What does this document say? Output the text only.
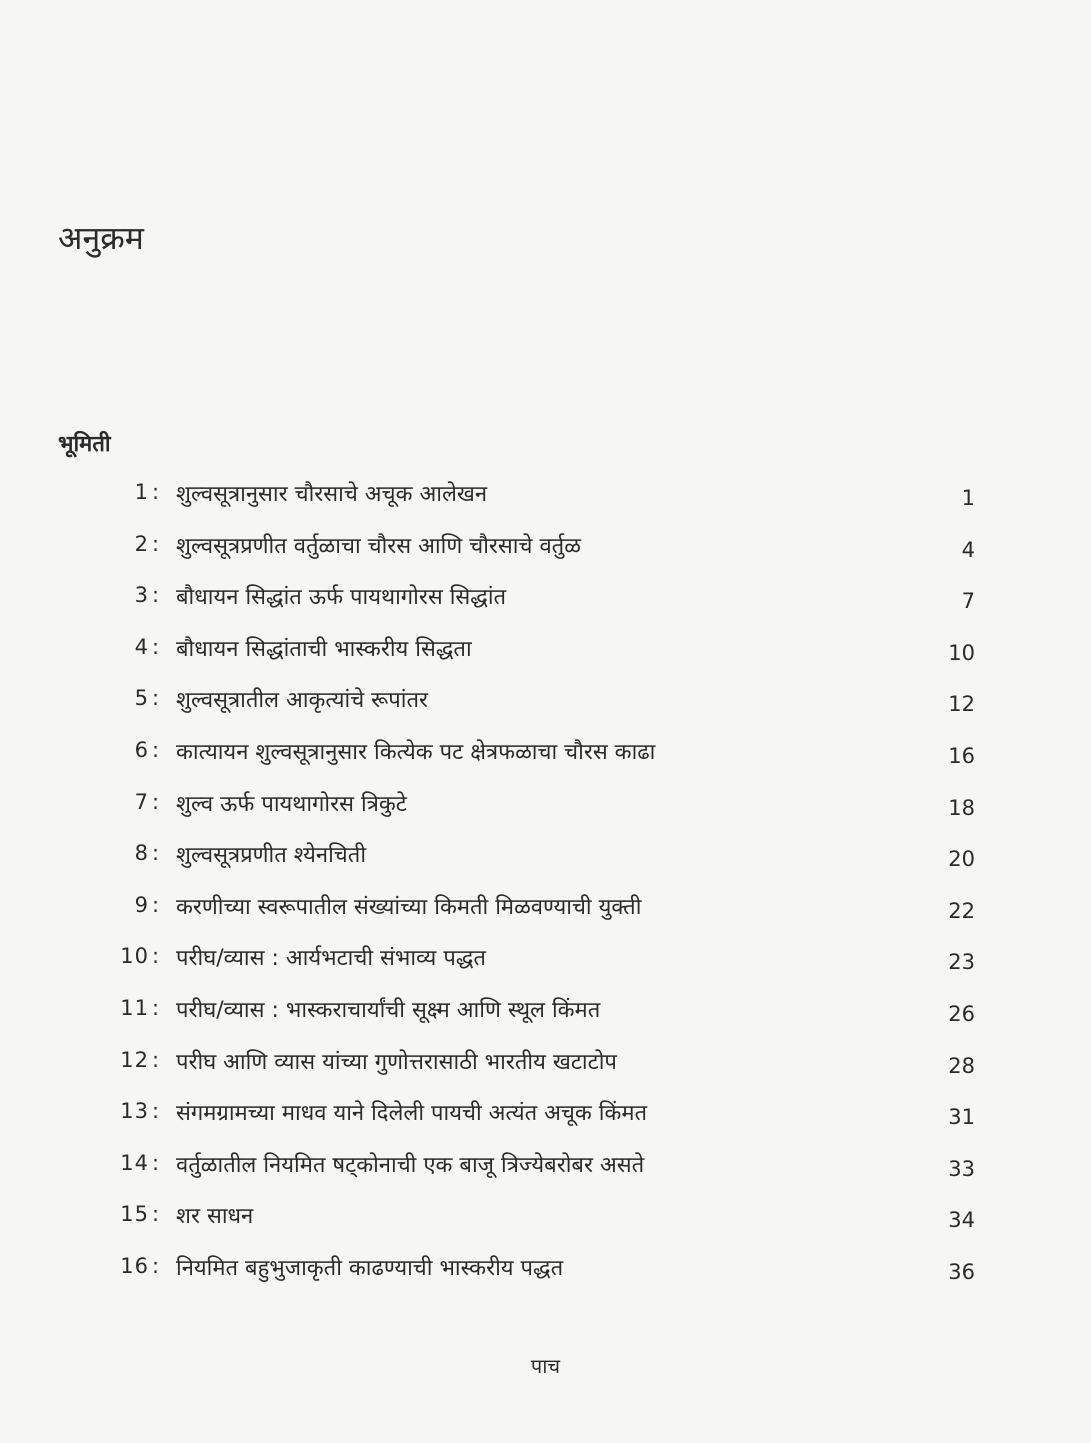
अनुक्रम
भूमिती
1 : शुल्वसूत्रानुसार चौरसाचे अचूक आलेखन	1
2 : शुल्वसूत्रप्रणीत वर्तुळाचा चौरस आणि चौरसाचे वर्तुळ	4
3 : बौधायन सिद्धांत ऊर्फ पायथागोरस सिद्धांत	7
4 : बौधायन सिद्धांताची भास्करीय सिद्धता	10
5 : शुल्वसूत्रातील आकृत्यांचे रूपांतर	12
6 : कात्यायन शुल्वसूत्रानुसार कित्येक पट क्षेत्रफळाचा चौरस काढा	16
7 : शुल्व ऊर्फ पायथागोरस त्रिकुटे	18
8 : शुल्वसूत्रप्रणीत श्येनचिती	20
9 : करणीच्या स्वरूपातील संख्यांच्या किमती मिळवण्याची युक्ती	22
10 : परीघ/व्यास : आर्यभटाची संभाव्य पद्धत	23
11 : परीघ/व्यास : भास्कराचार्यांची सूक्ष्म आणि स्थूल किंमत	26
12 : परीघ आणि व्यास यांच्या गुणोत्तरासाठी भारतीय खटाटोप	28
13 : संगमग्रामच्या माधव याने दिलेली पायची अत्यंत अचूक किंमत	31
14 : वर्तुळातील नियमित षट्कोनाची एक बाजू त्रिज्येबरोबर असते	33
15 : शर साधन	34
16 : नियमित बहुभुजाकृती काढण्याची भास्करीय पद्धत	36
पाच
